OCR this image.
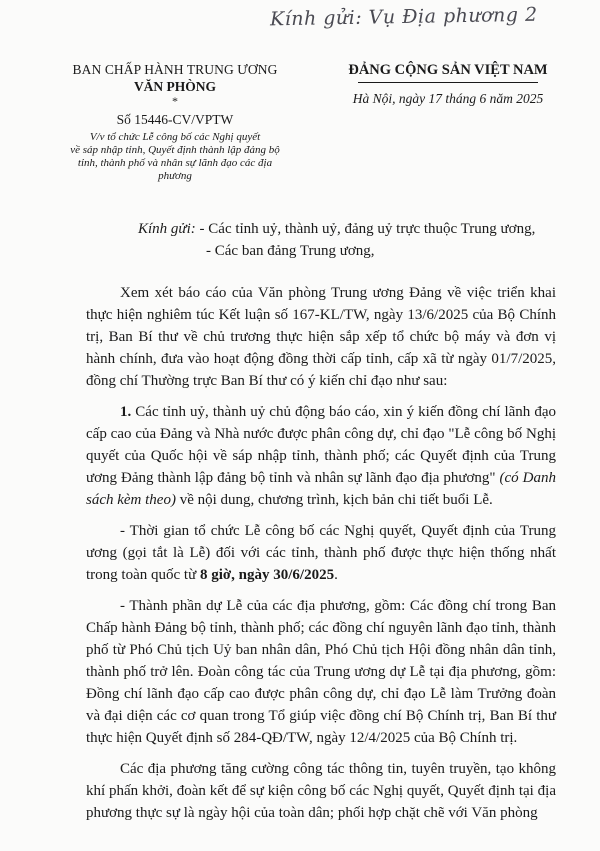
Kính gửi: Vụ Địa phương 2
BAN CHẤP HÀNH TRUNG ƯƠNG
VĂN PHÒNG
*
Số 15446-CV/VPTW
V/v tổ chức Lễ công bố các Nghị quyết
về sáp nhập tỉnh, Quyết định thành lập đảng bộ
tỉnh, thành phố và nhân sự lãnh đạo các địa phương
ĐẢNG CỘNG SẢN VIỆT NAM
Hà Nội, ngày 17 tháng 6 năm 2025
Kính gửi: - Các tỉnh uỷ, thành uỷ, đảng uỷ trực thuộc Trung ương,
- Các ban đảng Trung ương,

Xem xét báo cáo của Văn phòng Trung ương Đảng về việc triển khai thực hiện nghiêm túc Kết luận số 167-KL/TW, ngày 13/6/2025 của Bộ Chính trị, Ban Bí thư về chủ trương thực hiện sắp xếp tổ chức bộ máy và đơn vị hành chính, đưa vào hoạt động đồng thời cấp tỉnh, cấp xã từ ngày 01/7/2025, đồng chí Thường trực Ban Bí thư có ý kiến chỉ đạo như sau:

1. Các tỉnh uỷ, thành uỷ chủ động báo cáo, xin ý kiến đồng chí lãnh đạo cấp cao của Đảng và Nhà nước được phân công dự, chỉ đạo "Lễ công bố Nghị quyết của Quốc hội về sáp nhập tỉnh, thành phố; các Quyết định của Trung ương Đảng thành lập đảng bộ tỉnh và nhân sự lãnh đạo địa phương" (có Danh sách kèm theo) về nội dung, chương trình, kịch bản chi tiết buổi Lễ.

- Thời gian tổ chức Lễ công bố các Nghị quyết, Quyết định của Trung ương (gọi tắt là Lễ) đối với các tỉnh, thành phố được thực hiện thống nhất trong toàn quốc từ 8 giờ, ngày 30/6/2025.

- Thành phần dự Lễ của các địa phương, gồm: Các đồng chí trong Ban Chấp hành Đảng bộ tỉnh, thành phố; các đồng chí nguyên lãnh đạo tỉnh, thành phố từ Phó Chủ tịch Uỷ ban nhân dân, Phó Chủ tịch Hội đồng nhân dân tỉnh, thành phố trở lên. Đoàn công tác của Trung ương dự Lễ tại địa phương, gồm: Đồng chí lãnh đạo cấp cao được phân công dự, chỉ đạo Lễ làm Trưởng đoàn và đại diện các cơ quan trong Tổ giúp việc đồng chí Bộ Chính trị, Ban Bí thư thực hiện Quyết định số 284-QĐ/TW, ngày 12/4/2025 của Bộ Chính trị.

Các địa phương tăng cường công tác thông tin, tuyên truyền, tạo không khí phấn khởi, đoàn kết để sự kiện công bố các Nghị quyết, Quyết định tại địa phương thực sự là ngày hội của toàn dân; phối hợp chặt chẽ với Văn phòng
